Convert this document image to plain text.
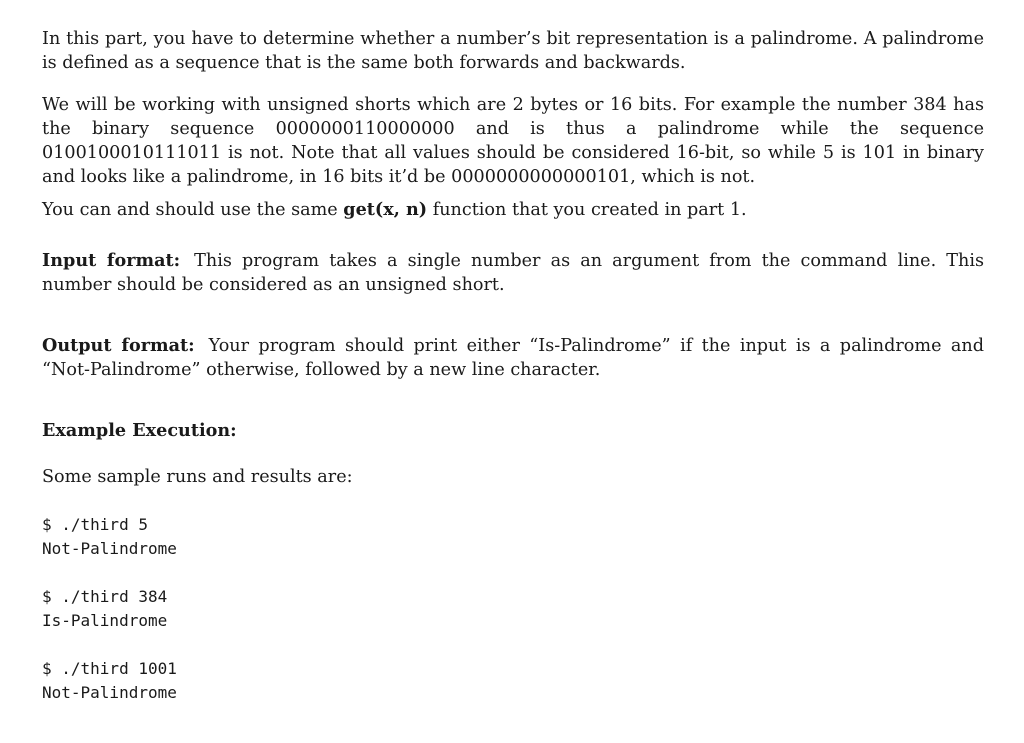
In this part, you have to determine whether a number’s bit representation is a palindrome. A palindrome is defined as a sequence that is the same both forwards and backwards.

We will be working with unsigned shorts which are 2 bytes or 16 bits. For example the number 384 has the binary sequence 0000000110000000 and is thus a palindrome while the sequence 0100100010111011 is not. Note that all values should be considered 16-bit, so while 5 is 101 in binary and looks like a palindrome, in 16 bits it’d be 0000000000000101, which is not.

You can and should use the same get(x, n) function that you created in part 1.

Input format: This program takes a single number as an argument from the command line. This number should be considered as an unsigned short.

Output format: Your program should print either “Is-Palindrome” if the input is a palindrome and “Not-Palindrome” otherwise, followed by a new line character.

Example Execution:

Some sample runs and results are:

$ ./third 5

Not-Palindrome

$ ./third 384

Is-Palindrome

$ ./third 1001

Not-Palindrome
